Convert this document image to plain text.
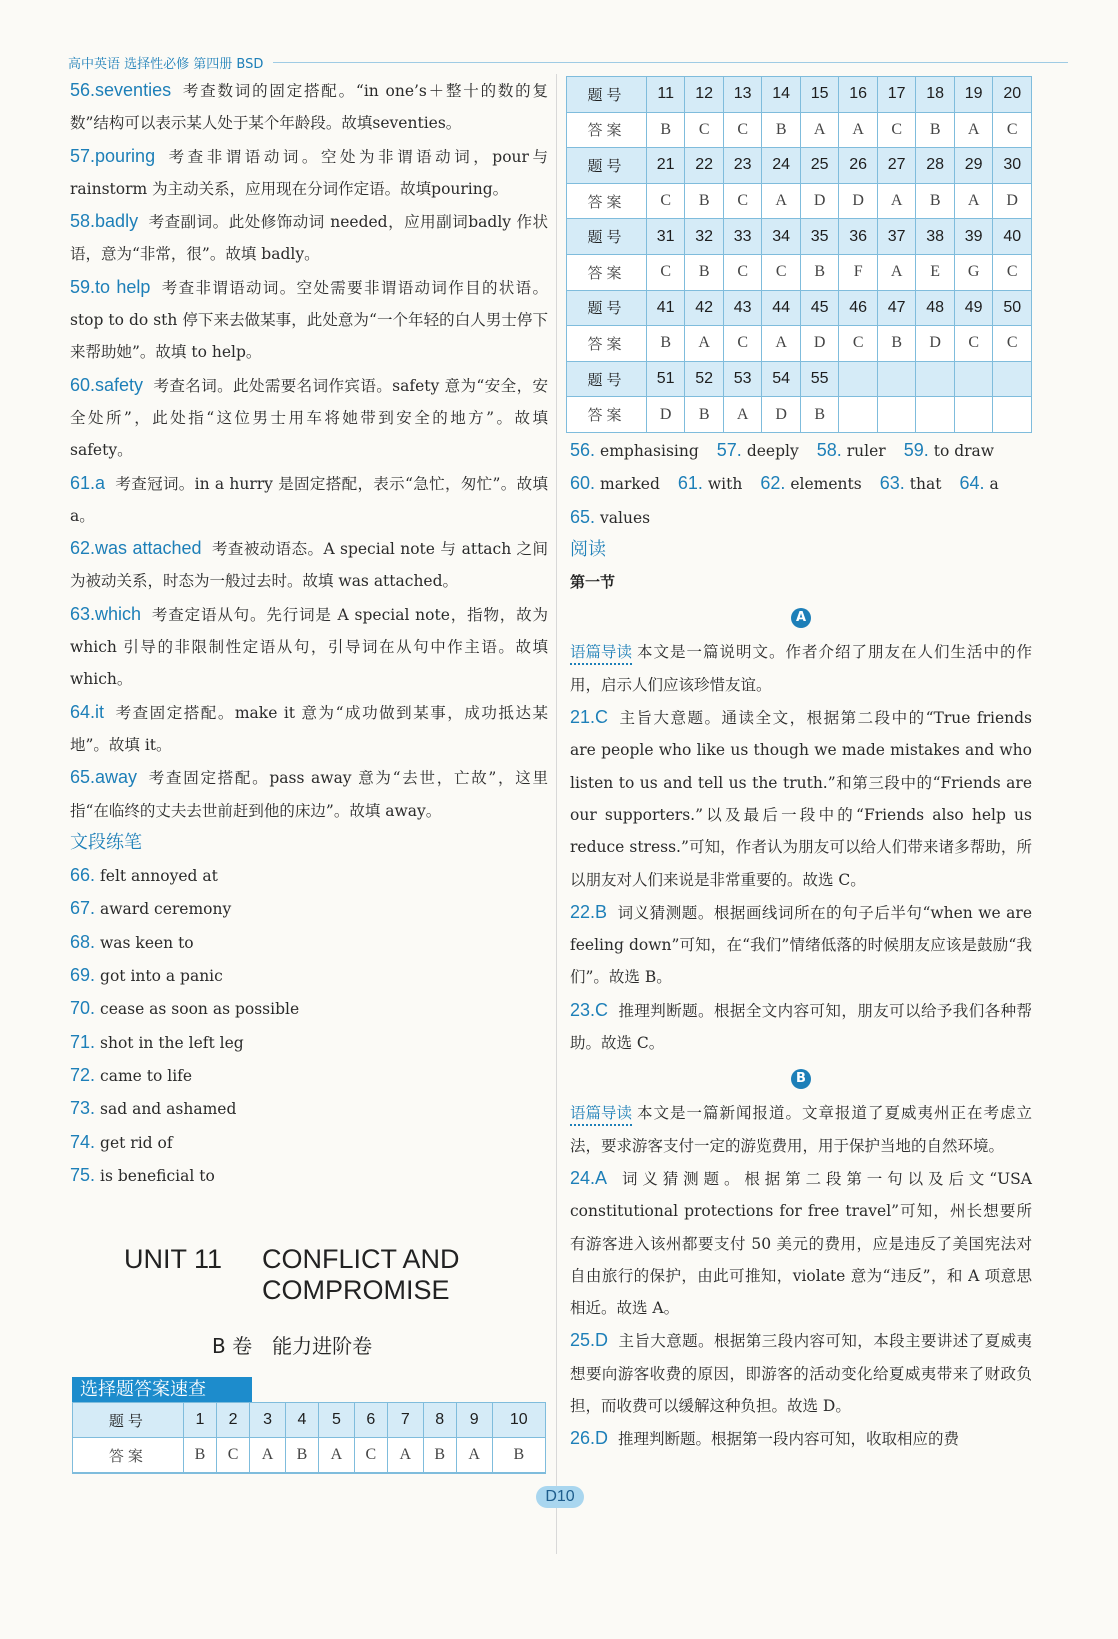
高中英语 选择性必修 第四册 BSD

56.seventies 考查数词的固定搭配。“in one’s＋整十的数的复数”结构可以表示某人处于某个年龄段。故填seventies。

57.pouring 考查非谓语动词。空处为非谓语动词，pour与 rainstorm 为主动关系，应用现在分词作定语。故填pouring。

58.badly 考查副词。此处修饰动词 needed，应用副词badly 作状语，意为“非常，很”。故填 badly。

59.to help 考查非谓语动词。空处需要非谓语动词作目的状语。stop to do sth 停下来去做某事，此处意为“一个年轻的白人男士停下来帮助她”。故填 to help。

60.safety 考查名词。此处需要名词作宾语。safety 意为“安全，安全处所”，此处指“这位男士用车将她带到安全的地方”。故填 safety。

61.a 考查冠词。in a hurry 是固定搭配，表示“急忙，匆忙”。故填 a。

62.was attached 考查被动语态。A special note 与 attach 之间为被动关系，时态为一般过去时。故填 was attached。

63.which 考查定语从句。先行词是 A special note，指物，故为 which 引导的非限制性定语从句，引导词在从句中作主语。故填 which。

64.it 考查固定搭配。make it 意为“成功做到某事，成功抵达某地”。故填 it。

65.away 考查固定搭配。pass away 意为“去世，亡故”，这里指“在临终的丈夫去世前赶到他的床边”。故填 away。

文段练笔
66. felt annoyed at
67. award ceremony
68. was keen to
69. got into a panic
70. cease as soon as possible
71. shot in the left leg
72. came to life
73. sad and ashamed
74. get rid of
75. is beneficial to
UNIT 11 CONFLICT AND
COMPROMISE
B 卷　能力进阶卷
选择题答案速查
题号	1	2	3	4	5	6	7	8	9	10
答案	B	C	A	B	A	C	A	B	A	B
题号	11	12	13	14	15	16	17	18	19	20
答案	B	C	C	B	A	A	C	B	A	C
题号	21	22	23	24	25	26	27	28	29	30
答案	C	B	C	A	D	D	A	B	A	D
题号	31	32	33	34	35	36	37	38	39	40
答案	C	B	C	C	B	F	A	E	G	C
题号	41	42	43	44	45	46	47	48	49	50
答案	B	A	C	A	D	C	B	D	C	C
题号	51	52	53	54	55					
答案	D	B	A	D	B					
56. emphasising 57. deeply 58. ruler 59. to draw
60. marked 61. with 62. elements 63. that 64. a
65. values
阅读
第一节
A

语篇导读 本文是一篇说明文。作者介绍了朋友在人们生活中的作用，启示人们应该珍惜友谊。

21.C 主旨大意题。通读全文，根据第二段中的“True friends are people who like us though we made mistakes and who listen to us and tell us the truth.”和第三段中的“Friends are our supporters.”以及最后一段中的“Friends also help us reduce stress.”可知，作者认为朋友可以给人们带来诸多帮助，所以朋友对人们来说是非常重要的。故选 C。

22.B 词义猜测题。根据画线词所在的句子后半句“when we are feeling down”可知，在“我们”情绪低落的时候朋友应该是鼓励“我们”。故选 B。

23.C 推理判断题。根据全文内容可知，朋友可以给予我们各种帮助。故选 C。

B

语篇导读 本文是一篇新闻报道。文章报道了夏威夷州正在考虑立法，要求游客支付一定的游览费用，用于保护当地的自然环境。

24.A 词义猜测题。根据第二段第一句以及后文“USA constitutional protections for free travel”可知，州长想要所有游客进入该州都要支付 50 美元的费用，应是违反了美国宪法对自由旅行的保护，由此可推知，violate 意为“违反”，和 A 项意思相近。故选 A。

25.D 主旨大意题。根据第三段内容可知，本段主要讲述了夏威夷想要向游客收费的原因，即游客的活动变化给夏威夷带来了财政负担，而收费可以缓解这种负担。故选 D。

26.D 推理判断题。根据第一段内容可知，收取相应的费

D10
